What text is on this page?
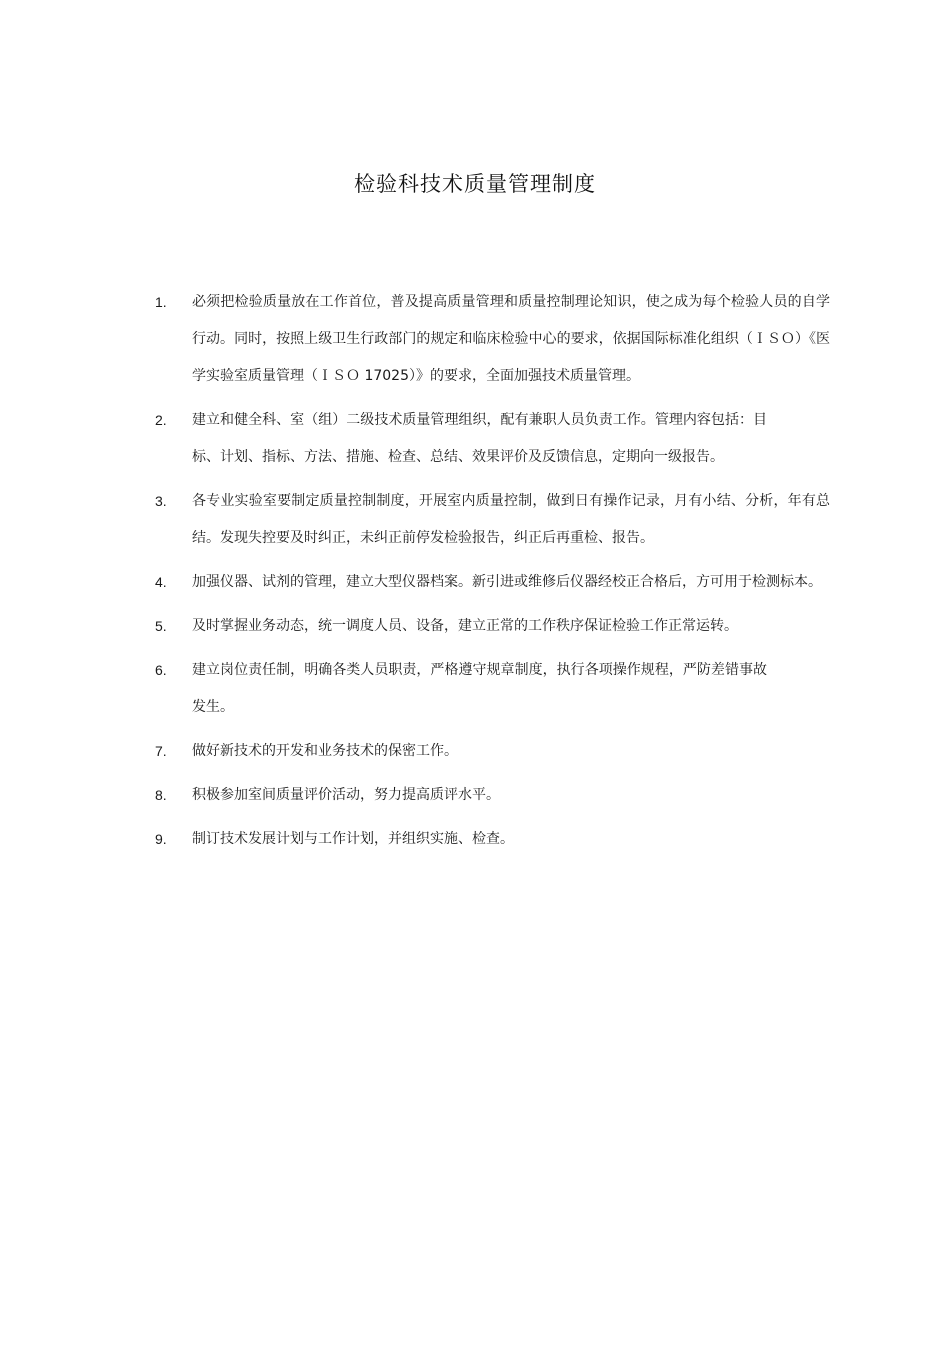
检验科技术质量管理制度
1. 必须把检验质量放在工作首位，普及提高质量管理和质量控制理论知识，使之成为每个检验人员的自学行动。同时，按照上级卫生行政部门的规定和临床检验中心的要求，依据国际标准化组织（ＩＳＯ）《医学实验室质量管理（ＩＳＯ 17025）》的要求，全面加强技术质量管理。
2. 建立和健全科、室（组）二级技术质量管理组织，配有兼职人员负责工作。管理内容包括：目标、计划、指标、方法、措施、检查、总结、效果评价及反馈信息，定期向一级报告。
3. 各专业实验室要制定质量控制制度，开展室内质量控制，做到日有操作记录，月有小结、分析，年有总结。发现失控要及时纠正，未纠正前停发检验报告，纠正后再重检、报告。
4. 加强仪器、试剂的管理，建立大型仪器档案。新引进或维修后仪器经校正合格后，方可用于检测标本。
5. 及时掌握业务动态，统一调度人员、设备，建立正常的工作秩序保证检验工作正常运转。
6. 建立岗位责任制，明确各类人员职责，严格遵守规章制度，执行各项操作规程，严防差错事故发生。
7. 做好新技术的开发和业务技术的保密工作。
8. 积极参加室间质量评价活动，努力提高质评水平。
9. 制订技术发展计划与工作计划，并组织实施、检查。
